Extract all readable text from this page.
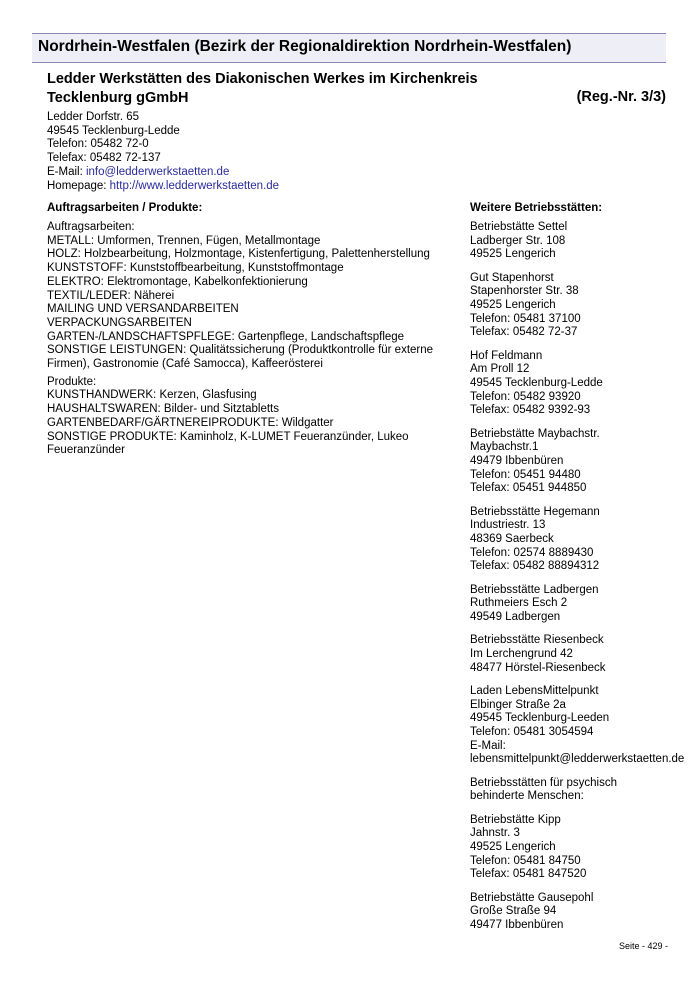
Nordrhein-Westfalen (Bezirk der Regionaldirektion Nordrhein-Westfalen)
Ledder Werkstätten des Diakonischen Werkes im Kirchenkreis
Tecklenburg gGmbH	(Reg.-Nr. 3/3)
Ledder Dorfstr. 65
49545 Tecklenburg-Ledde
Telefon: 05482 72-0
Telefax: 05482 72-137
E-Mail: info@ledderwerkstaetten.de
Homepage: http://www.ledderwerkstaetten.de
Auftragsarbeiten / Produkte:	Weitere Betriebsstätten:
Auftragsarbeiten:
METALL: Umformen, Trennen, Fügen, Metallmontage
HOLZ: Holzbearbeitung, Holzmontage, Kistenfertigung, Palettenherstellung
KUNSTSTOFF: Kunststoffbearbeitung, Kunststoffmontage
ELEKTRO: Elektromontage, Kabelkonfektionierung
TEXTIL/LEDER: Näherei
MAILING UND VERSANDARBEITEN
VERPACKUNGSARBEITEN
GARTEN-/LANDSCHAFTSPFLEGE: Gartenpflege, Landschaftspflege
SONSTIGE LEISTUNGEN: Qualitätssicherung (Produktkontrolle für externe Firmen), Gastronomie (Café Samocca), Kaffeerösterei
Produkte:
KUNSTHANDWERK: Kerzen, Glasfusing
HAUSHALTSWAREN: Bilder- und Sitztabletts
GARTENBEDARF/GÄRTNEREIPRODUKTE: Wildgatter
SONSTIGE PRODUKTE: Kaminholz, K-LUMET Feueranzünder, Lukeo Feueranzünder
Betriebstätte Settel
Ladberger Str. 108
49525 Lengerich
Gut Stapenhorst
Stapenhorster Str. 38
49525 Lengerich
Telefon: 05481 37100
Telefax: 05482 72-37
Hof Feldmann
Am Proll 12
49545 Tecklenburg-Ledde
Telefon: 05482 93920
Telefax: 05482 9392-93
Betriebstätte Maybachstr.
Maybachstr.1
49479 Ibbenbüren
Telefon: 05451 94480
Telefax: 05451 944850
Betriebsstätte Hegemann
Industriestr. 13
48369 Saerbeck
Telefon: 02574 8889430
Telefax: 05482 88894312
Betriebsstätte Ladbergen
Ruthmeiers Esch 2
49549 Ladbergen
Betriebsstätte Riesenbeck
Im Lerchengrund 42
48477 Hörstel-Riesenbeck
Laden LebensMittelpunkt
Elbinger Straße 2a
49545 Tecklenburg-Leeden
Telefon: 05481 3054594
E-Mail:
lebensmittelpunkt@ledderwerkstaetten.de
Betriebsstätten für psychisch
behinderte Menschen:
Betriebstätte Kipp
Jahnstr. 3
49525 Lengerich
Telefon: 05481 84750
Telefax: 05481 847520
Betriebstätte Gausepohl
Große Straße 94
49477 Ibbenbüren
Seite - 429 -
